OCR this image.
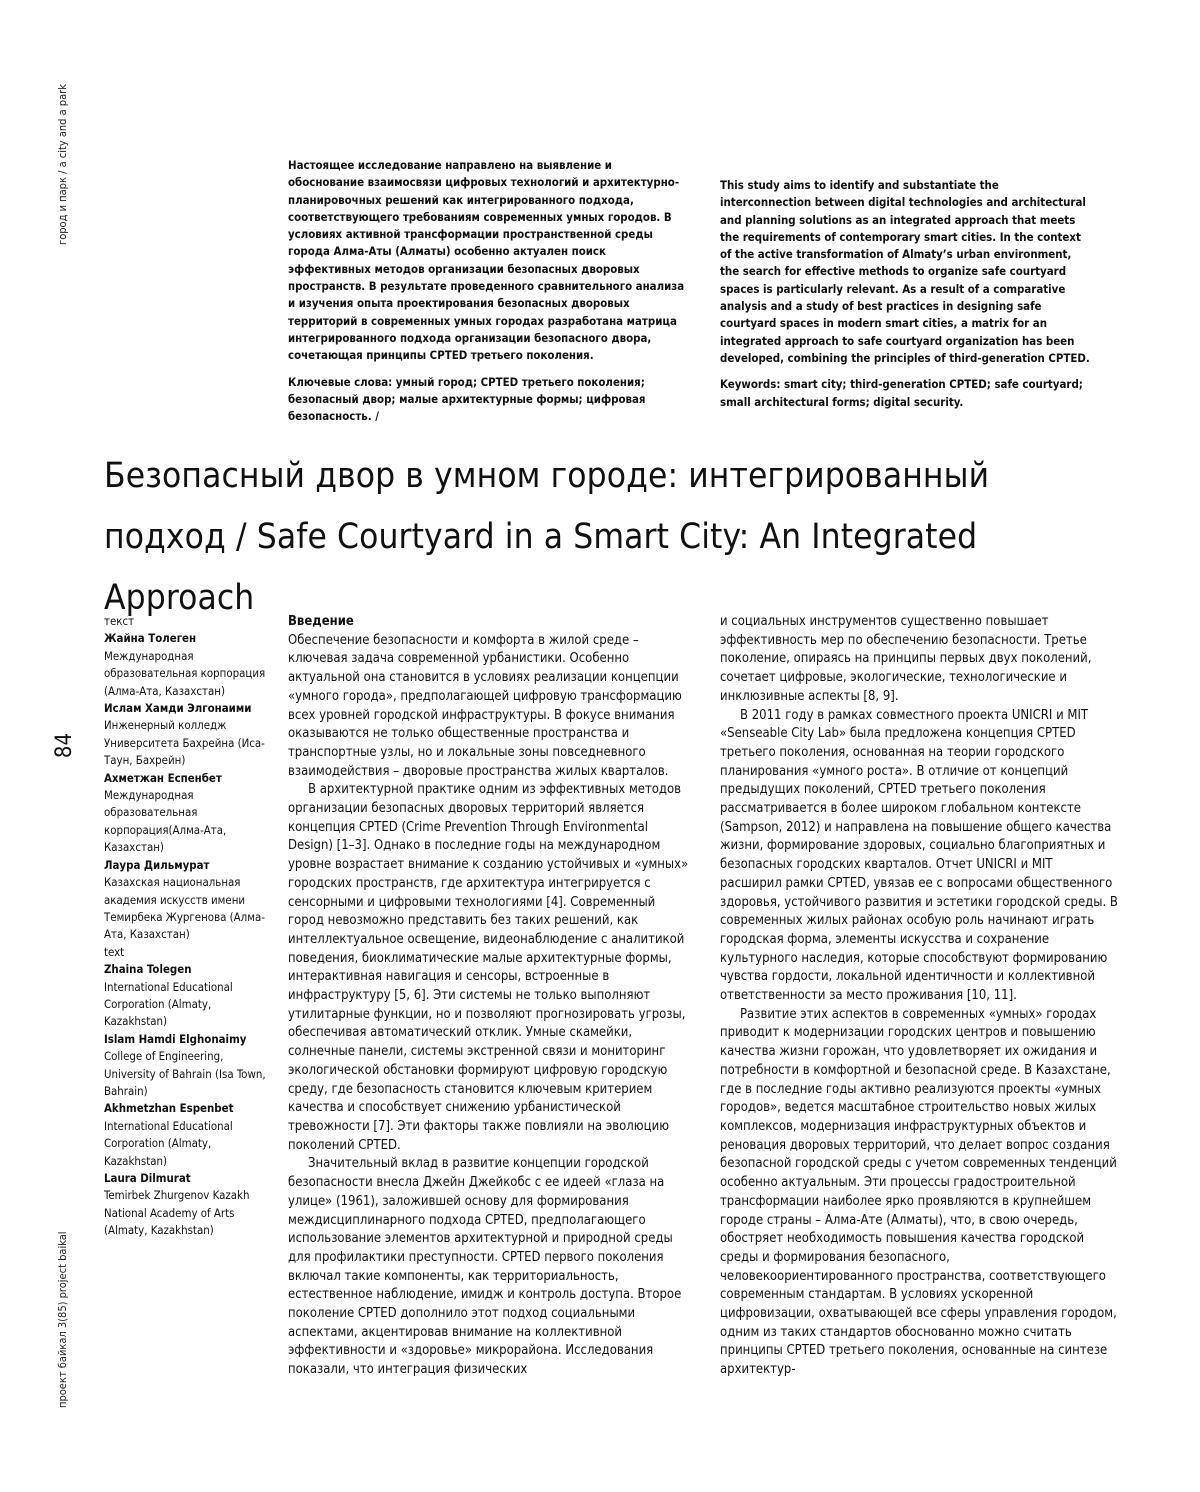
город и парк / a city and a park
84
проект байкал 3(85) project baikal

Настоящее исследование направлено на выявление и обоснование взаимосвязи цифровых технологий и архитектурно-планировочных решений как интегрированного подхода, соответствующего требованиям современных умных городов. В условиях активной трансформации пространственной среды города Алма-Аты (Алматы) особенно актуален поиск эффективных методов организации безопасных дворовых пространств. В результате проведенного сравнительного анализа и изучения опыта проектирования безопасных дворовых территорий в современных умных городах разработана матрица интегрированного подхода организации безопасного двора, сочетающая принципы CPTED третьего поколения.

Ключевые слова: умный город; CPTED третьего поколения; безопасный двор; малые архитектурные формы; цифровая безопасность. /

This study aims to identify and substantiate the interconnection between digital technologies and architectural and planning solutions as an integrated approach that meets the requirements of contemporary smart cities. In the context of the active transformation of Almaty’s urban environment, the search for effective methods to organize safe courtyard spaces is particularly relevant. As a result of a comparative analysis and a study of best practices in designing safe courtyard spaces in modern smart cities, a matrix for an integrated approach to safe courtyard organization has been developed, combining the principles of third-generation CPTED.

Keywords: smart city; third-generation CPTED; safe courtyard; small architectural forms; digital security.

Безопасный двор в умном городе: интегрированный подход / Safe Courtyard in a Smart City: An Integrated Approach
текст
Жайна Толеген
Международная образовательная корпорация (Алма-Ата, Казахстан)
Ислам Хамди Элгонаими
Инженерный колледж Университета Бахрейна (Иса-Таун, Бахрейн)
Ахметжан Еспенбет
Международная образовательная корпорация(Алма-Ата, Казахстан)
Лаура Дильмурат
Казахская национальная академия искусств имени Темирбека Жургенова (Алма-Ата, Казахстан)
text
Zhaina Tolegen
International Educational Corporation (Almaty, Kazakhstan)
Islam Hamdi Elghonaimy
College of Engineering, University of Bahrain (Isa Town, Bahrain)
Akhmetzhan Espenbet
International Educational Corporation (Almaty, Kazakhstan)
Laura Dilmurat
Temirbek Zhurgenov Kazakh National Academy of Arts (Almaty, Kazakhstan)
Введение

Обеспечение безопасности и комфорта в жилой среде – ключевая задача современной урбанистики. Особенно актуальной она становится в условиях реализации концепции «умного города», предполагающей цифровую трансформацию всех уровней городской инфраструктуры. В фокусе внимания оказываются не только общественные пространства и транспортные узлы, но и локальные зоны повседневного взаимодействия – дворовые пространства жилых кварталов.

В архитектурной практике одним из эффективных методов организации безопасных дворовых территорий является концепция CPTED (Crime Prevention Through Environmental Design) [1–3]. Однако в последние годы на международном уровне возрастает внимание к созданию устойчивых и «умных» городских пространств, где архитектура интегрируется с сенсорными и цифровыми технологиями [4]. Современный город невозможно представить без таких решений, как интеллектуальное освещение, видеонаблюдение с аналитикой поведения, биоклиматические малые архитектурные формы, интерактивная навигация и сенсоры, встроенные в инфраструктуру [5, 6]. Эти системы не только выполняют утилитарные функции, но и позволяют прогнозировать угрозы, обеспечивая автоматический отклик. Умные скамейки, солнечные панели, системы экстренной связи и мониторинг экологической обстановки формируют цифровую городскую среду, где безопасность становится ключевым критерием качества и способствует снижению урбанистической тревожности [7]. Эти факторы также повлияли на эволюцию поколений CPTED.

Значительный вклад в развитие концепции городской безопасности внесла Джейн Джейкобс с ее идеей «глаза на улице» (1961), заложившей основу для формирования междисциплинарного подхода CPTED, предполагающего использование элементов архитектурной и природной среды для профилактики преступности. CPTED первого поколения включал такие компоненты, как территориальность, естественное наблюдение, имидж и контроль доступа. Второе поколение CPTED дополнило этот подход социальными аспектами, акцентировав внимание на коллективной эффективности и «здоровье» микрорайона. Исследования показали, что интеграция физических

и социальных инструментов существенно повышает эффективность мер по обеспечению безопасности. Третье поколение, опираясь на принципы первых двух поколений, сочетает цифровые, экологические, технологические и инклюзивные аспекты [8, 9].

В 2011 году в рамках совместного проекта UNICRI и MIT «Senseable City Lab» была предложена концепция CPTED третьего поколения, основанная на теории городского планирования «умного роста». В отличие от концепций предыдущих поколений, CPTED третьего поколения рассматривается в более широком глобальном контексте (Sampson, 2012) и направлена на повышение общего качества жизни, формирование здоровых, социально благоприятных и безопасных городских кварталов. Отчет UNICRI и MIT расширил рамки CPTED, увязав ее с вопросами общественного здоровья, устойчивого развития и эстетики городской среды. В современных жилых районах особую роль начинают играть городская форма, элементы искусства и сохранение культурного наследия, которые способствуют формированию чувства гордости, локальной идентичности и коллективной ответственности за место проживания [10, 11].

Развитие этих аспектов в современных «умных» городах приводит к модернизации городских центров и повышению качества жизни горожан, что удовлетворяет их ожидания и потребности в комфортной и безопасной среде. В Казахстане, где в последние годы активно реализуются проекты «умных городов», ведется масштабное строительство новых жилых комплексов, модернизация инфраструктурных объектов и реновация дворовых территорий, что делает вопрос создания безопасной городской среды с учетом современных тенденций особенно актуальным. Эти процессы градостроительной трансформации наиболее ярко проявляются в крупнейшем городе страны – Алма-Ате (Алматы), что, в свою очередь, обостряет необходимость повышения качества городской среды и формирования безопасного, человекоориентированного пространства, соответствующего современным стандартам. В условиях ускоренной цифровизации, охватывающей все сферы управления городом, одним из таких стандартов обоснованно можно считать принципы CPTED третьего поколения, основанные на синтезе архитектур-
